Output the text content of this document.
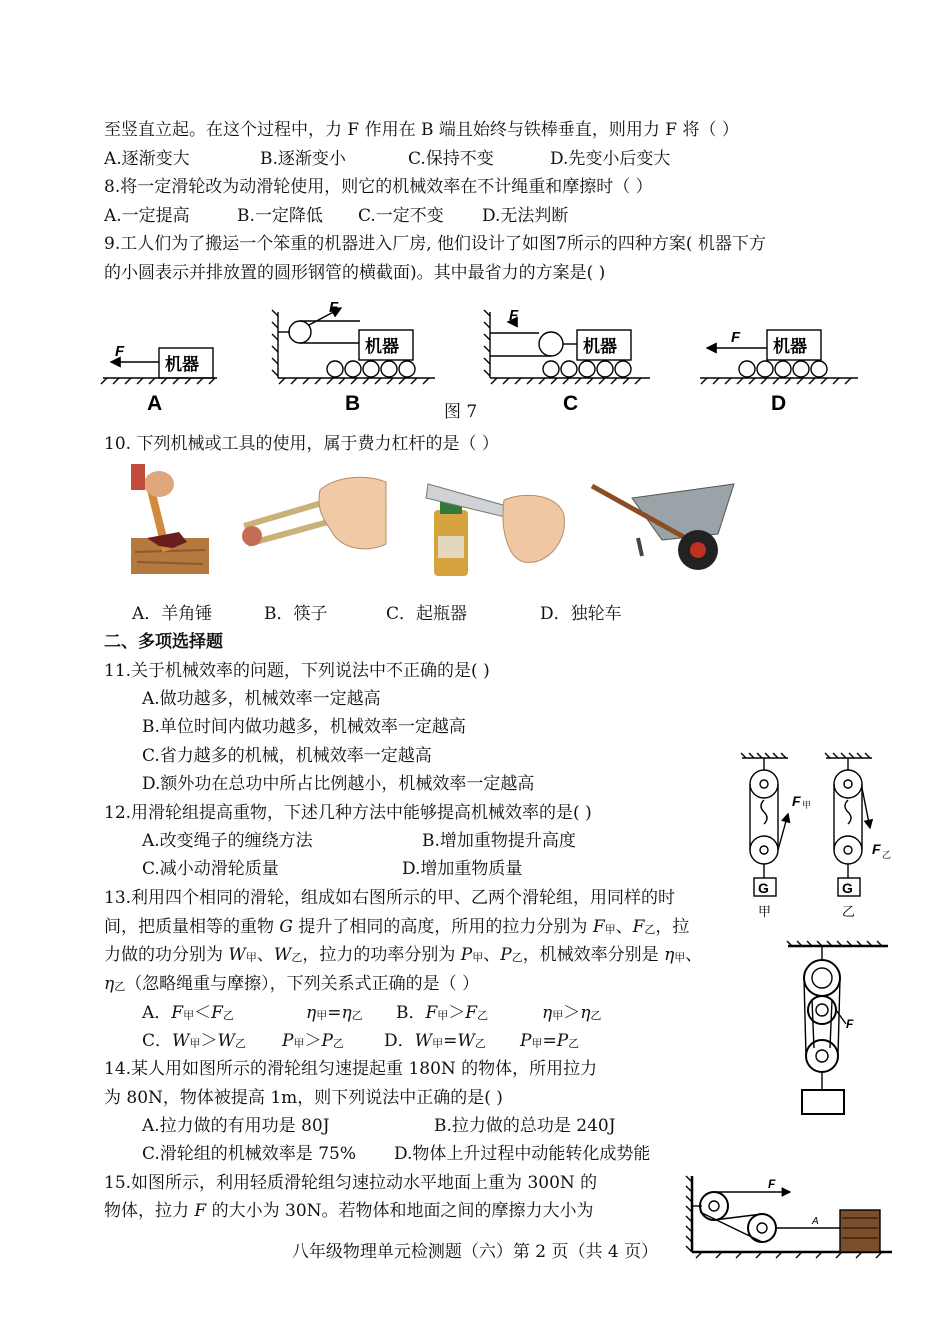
至竖直立起。在这个过程中，力 F 作用在 B 端且始终与铁棒垂直，则用力 F 将（ ）
A.逐渐变大	B.逐渐变小	C.保持不变	D.先变小后变大
8.将一定滑轮改为动滑轮使用，则它的机械效率在不计绳重和摩擦时（ ）
A.一定提高	B.一定降低 C.一定不变 D.无法判断
9.工人们为了搬运一个笨重的机器进入厂房, 他们设计了如图7所示的四种方案( 机器下方
的小圆表示并排放置的圆形钢管的横截面)。其中最省力的方案是( )
机器
机器	机器	机器
F
F	F
F
A	B	C	D
图 7
10. 下列机械或工具的使用，属于费力杠杆的是（ ）
A．羊角锤	B．筷子	C．起瓶器	D．独轮车
二、多项选择题
11.关于机械效率的问题，下列说法中不正确的是( )
A.做功越多，机械效率一定越高
B.单位时间内做功越多，机械效率一定越高
C.省力越多的机械，机械效率一定越高
D.额外功在总功中所占比例越小，机械效率一定越高
12.用滑轮组提高重物，下述几种方法中能够提高机械效率的是( )
A.改变绳子的缠绕方法	B.增加重物提升高度
C.减小动滑轮质量	D.增加重物质量
G	G
F 甲
F 乙
甲	乙
13.利用四个相同的滑轮，组成如右图所示的甲、乙两个滑轮组，用同样的时
间，把质量相等的重物 G 提升了相同的高度，所用的拉力分别为 F甲、F乙，拉
力做的功分别为 W甲、W乙，拉力的功率分别为 P甲、P乙，机械效率分别是 η甲、
η乙（忽略绳重与摩擦），下列关系式正确的是（ ）
A．F甲＜F乙	η甲=η乙 B．F甲＞F乙	η甲＞η乙
C．W甲＞W乙 P甲＞P乙 D．W甲=W乙 P甲=P乙
F
14.某人用如图所示的滑轮组匀速提起重 180N 的物体，所用拉力
为 80N，物体被提高 1m，则下列说法中正确的是( )
A.拉力做的有用功是 80J	B.拉力做的总功是 240J
C.滑轮组的机械效率是 75% D.物体上升过程中动能转化成势能
15.如图所示，利用轻质滑轮组匀速拉动水平地面上重为 300N 的
物体，拉力 F 的大小为 30N。若物体和地面之间的摩擦力大小为
F
A
八年级物理单元检测题（六）第 2 页（共 4 页）
